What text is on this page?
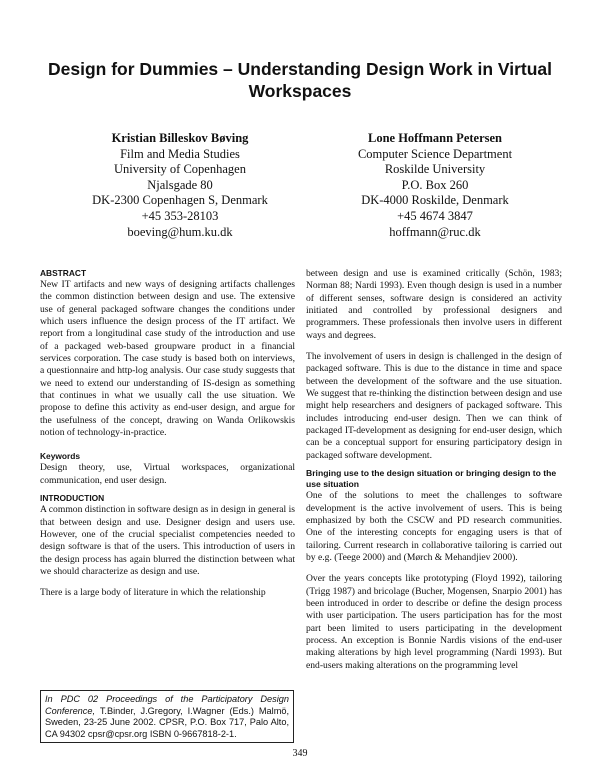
Design for Dummies – Understanding Design Work in Virtual Workspaces
Kristian Billeskov Bøving
Film and Media Studies
University of Copenhagen
Njalsgade 80
DK-2300 Copenhagen S, Denmark
+45 353-28103
boeving@hum.ku.dk
Lone Hoffmann Petersen
Computer Science Department
Roskilde University
P.O. Box 260
DK-4000 Roskilde, Denmark
+45 4674 3847
hoffmann@ruc.dk
ABSTRACT

New IT artifacts and new ways of designing artifacts challenges the common distinction between design and use. The extensive use of general packaged software changes the conditions under which users influence the design process of the IT artifact. We report from a longitudinal case study of the introduction and use of a packaged web-based groupware product in a financial services corporation. The case study is based both on interviews, a questionnaire and http-log analysis. Our case study suggests that we need to extend our understanding of IS-design as something that continues in what we usually call the use situation. We propose to define this activity as end-user design, and argue for the usefulness of the concept, drawing on Wanda Orlikowskis notion of technology-in-practice.

Keywords

Design theory, use, Virtual workspaces, organizational communication, end user design.

INTRODUCTION

A common distinction in software design as in design in general is that between design and use. Designer design and users use. However, one of the crucial specialist competencies needed to design software is that of the users. This introduction of users in the design process has again blurred the distinction between what we should characterize as design and use.

There is a large body of literature in which the relationship

between design and use is examined critically (Schön, 1983; Norman 88; Nardi 1993). Even though design is used in a number of different senses, software design is considered an activity initiated and controlled by professional designers and programmers. These professionals then involve users in different ways and degrees.

The involvement of users in design is challenged in the design of packaged software. This is due to the distance in time and space between the development of the software and the use situation. We suggest that re-thinking the distinction between design and use might help researchers and designers of packaged software. This includes introducing end-user design. Then we can think of packaged IT-development as designing for end-user design, which can be a conceptual support for ensuring participatory design in packaged software development.

Bringing use to the design situation or bringing design to the use situation

One of the solutions to meet the challenges to software development is the active involvement of users. This is being emphasized by both the CSCW and PD research communities. One of the interesting concepts for engaging users is that of tailoring. Current research in collaborative tailoring is carried out by e.g. (Teege 2000) and (Mørch & Mehandjiev 2000).

Over the years concepts like prototyping (Floyd 1992), tailoring (Trigg 1987) and bricolage (Bucher, Mogensen, Snarpio 2001) has been introduced in order to describe or define the design process with user participation. The users participation has for the most part been limited to users participating in the development process. An exception is Bonnie Nardis visions of the end-user making alterations by high level programming (Nardi 1993). But end-users making alterations on the programming level

In PDC 02 Proceedings of the Participatory Design Conference, T.Binder, J.Gregory, I.Wagner (Eds.) Malmö, Sweden, 23-25 June 2002. CPSR, P.O. Box 717, Palo Alto, CA 94302 cpsr@cpsr.org ISBN 0-9667818-2-1.
349
